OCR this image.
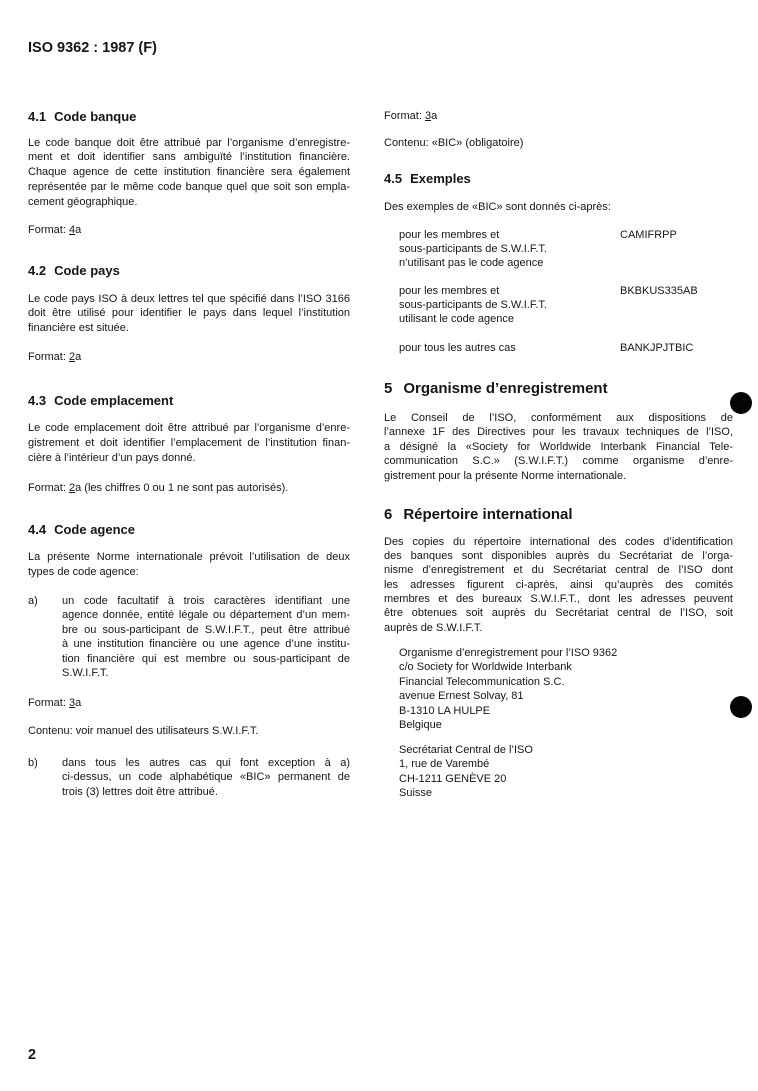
ISO 9362 : 1987 (F)
4.1 Code banque
Le code banque doit être attribué par l’organisme d’enregistre-
ment et doit identifier sans ambiguïté l’institution financière.
Chaque agence de cette institution financière sera également
représentée par le même code banque quel que soit son empla-
cement géographique.
Format: 4a
4.2 Code pays
Le code pays ISO à deux lettres tel que spécifié dans l’ISO 3166
doit être utilisé pour identifier le pays dans lequel l’institution
financière est située.
Format: 2a
4.3 Code emplacement
Le code emplacement doit être attribué par l’organisme d’enre-
gistrement et doit identifier l’emplacement de l’institution finan-
cière à l’intérieur d’un pays donné.
Format: 2a (les chiffres 0 ou 1 ne sont pas autorisés).
4.4 Code agence
La présente Norme internationale prévoit l’utilisation de deux
types de code agence:
a) un code facultatif à trois caractères identifiant une
agence donnée, entité légale ou département d’un mem-
bre ou sous-participant de S.W.I.F.T., peut être attribué
à une institution financière ou une agence d’une institu-
tion financière qui est membre ou sous-participant de
S.W.I.F.T.
Format: 3a
Contenu: voir manuel des utilisateurs S.W.I.F.T.
b) dans tous les autres cas qui font exception à a)
ci-dessus, un code alphabétique «BIC» permanent de
trois (3) lettres doit être attribué.
2
Format: 3a
Contenu: «BIC» (obligatoire)
4.5 Exemples
Des exemples de «BIC» sont donnés ci-après:
pour les membres et
sous-participants de S.W.I.F.T.
n’utilisant pas le code agence
CAMIFRPP
pour les membres et
sous-participants de S.W.I.F.T.
utilisant le code agence
BKBKUS335AB
pour tous les autres cas	BANKJPJTBIC
5 Organisme d’enregistrement
Le Conseil de l’ISO, conformément aux dispositions de
l’annexe 1F des Directives pour les travaux techniques de l’ISO,
a désigné la «Society for Worldwide Interbank Financial Tele-
communication S.C.» (S.W.I.F.T.) comme organisme d’enre-
gistrement pour la présente Norme internationale.
6 Répertoire international
Des copies du répertoire international des codes d’identification
des banques sont disponibles auprès du Secrétariat de l’orga-
nisme d’enregistrement et du Secrétariat central de l’ISO dont
les adresses figurent ci-après, ainsi qu’auprès des comités
membres et des bureaux S.W.I.F.T., dont les adresses peuvent
être obtenues soit auprès du Secrétariat central de l’ISO, soit
auprès de S.W.I.F.T.
Organisme d’enregistrement pour l’ISO 9362
c/o Society for Worldwide Interbank
Financial Telecommunication S.C.
avenue Ernest Solvay, 81
B-1310 LA HULPE
Belgique
Secrétariat Central de l’ISO
1, rue de Varembé
CH-1211 GENÈVE 20
Suisse
